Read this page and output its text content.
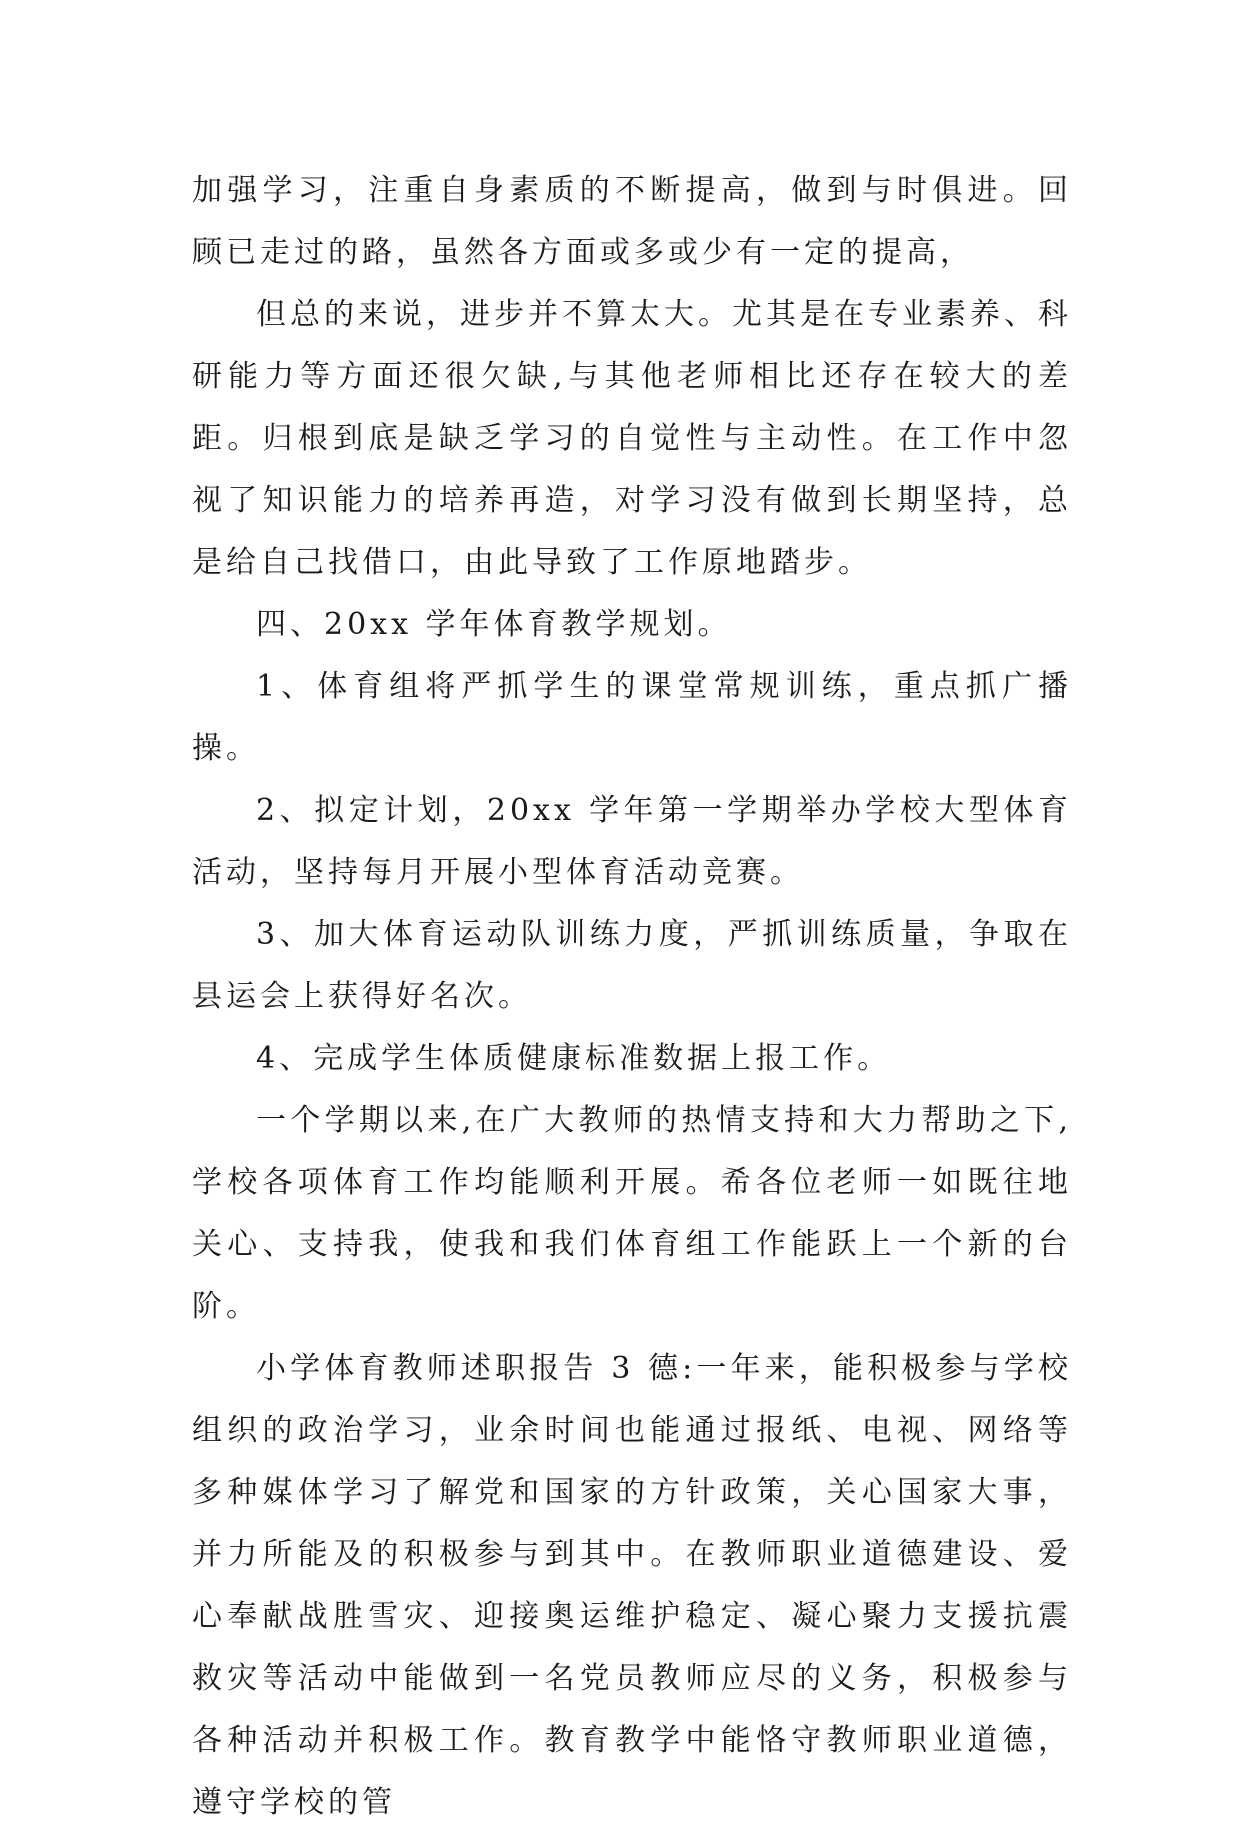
加强学习，注重自身素质的不断提高，做到与时俱进。回顾已走过的路，虽然各方面或多或少有一定的提高，

但总的来说，进步并不算太大。尤其是在专业素养、科研能力等方面还很欠缺,与其他老师相比还存在较大的差距。归根到底是缺乏学习的自觉性与主动性。在工作中忽视了知识能力的培养再造，对学习没有做到长期坚持，总是给自己找借口，由此导致了工作原地踏步。

四、20xx 学年体育教学规划。

1、体育组将严抓学生的课堂常规训练，重点抓广播操。

2、拟定计划，20xx 学年第一学期举办学校大型体育活动，坚持每月开展小型体育活动竞赛。

3、加大体育运动队训练力度，严抓训练质量，争取在县运会上获得好名次。

4、完成学生体质健康标准数据上报工作。

一个学期以来,在广大教师的热情支持和大力帮助之下,学校各项体育工作均能顺利开展。希各位老师一如既往地关心、支持我，使我和我们体育组工作能跃上一个新的台阶。

小学体育教师述职报告 3 德:一年来，能积极参与学校组织的政治学习，业余时间也能通过报纸、电视、网络等多种媒体学习了解党和国家的方针政策，关心国家大事，并力所能及的积极参与到其中。在教师职业道德建设、爱心奉献战胜雪灾、迎接奥运维护稳定、凝心聚力支援抗震救灾等活动中能做到一名党员教师应尽的义务，积极参与各种活动并积极工作。教育教学中能恪守教师职业道德，遵守学校的管
